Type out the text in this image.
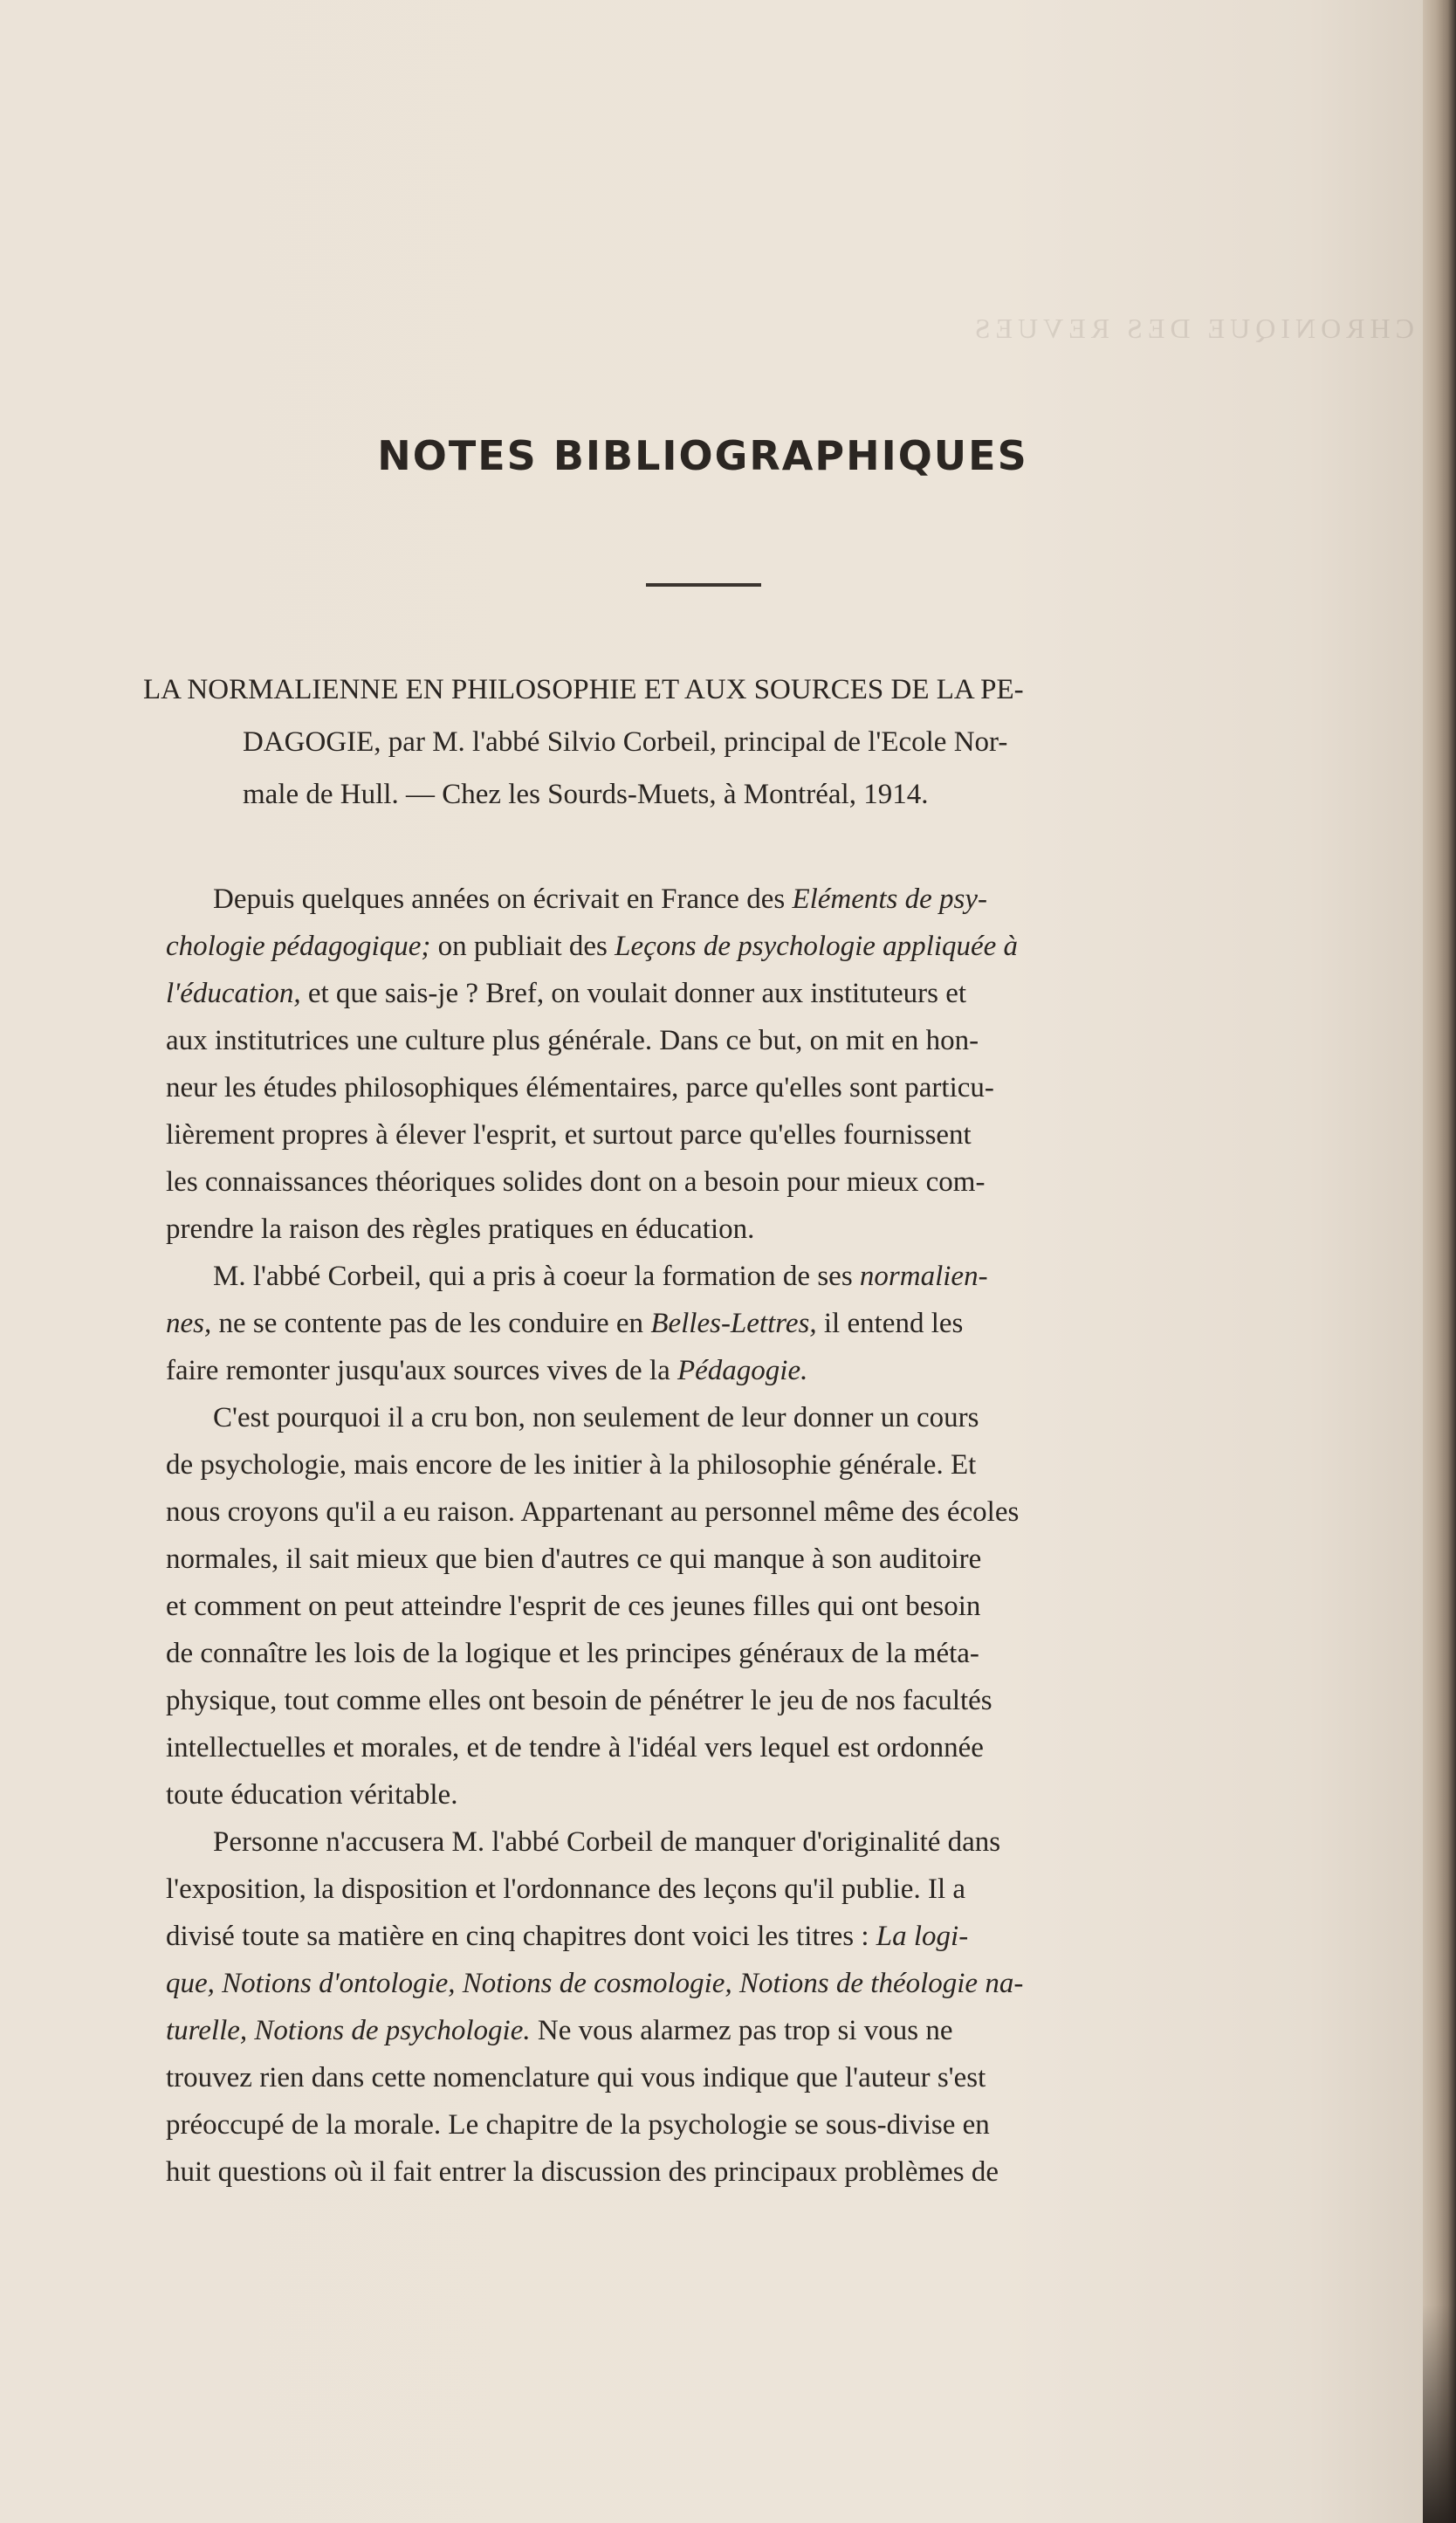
CHRONIQUE DES REVUES
NOTES BIBLIOGRAPHIQUES
LA NORMALIENNE EN PHILOSOPHIE ET AUX SOURCES DE LA PE-
DAGOGIE, par M. l'abbé Silvio Corbeil, principal de l'Ecole Nor-
male de Hull. — Chez les Sourds-Muets, à Montréal, 1914.
Depuis quelques années on écrivait en France des Eléments de psy-
chologie pédagogique; on publiait des Leçons de psychologie appliquée à
l'éducation, et que sais-je ? Bref, on voulait donner aux instituteurs et
aux institutrices une culture plus générale. Dans ce but, on mit en hon-
neur les études philosophiques élémentaires, parce qu'elles sont particu-
lièrement propres à élever l'esprit, et surtout parce qu'elles fournissent
les connaissances théoriques solides dont on a besoin pour mieux com-
prendre la raison des règles pratiques en éducation.
M. l'abbé Corbeil, qui a pris à coeur la formation de ses normalien-
nes, ne se contente pas de les conduire en Belles-Lettres, il entend les
faire remonter jusqu'aux sources vives de la Pédagogie.
C'est pourquoi il a cru bon, non seulement de leur donner un cours
de psychologie, mais encore de les initier à la philosophie générale. Et
nous croyons qu'il a eu raison. Appartenant au personnel même des écoles
normales, il sait mieux que bien d'autres ce qui manque à son auditoire
et comment on peut atteindre l'esprit de ces jeunes filles qui ont besoin
de connaître les lois de la logique et les principes généraux de la méta-
physique, tout comme elles ont besoin de pénétrer le jeu de nos facultés
intellectuelles et morales, et de tendre à l'idéal vers lequel est ordonnée
toute éducation véritable.
Personne n'accusera M. l'abbé Corbeil de manquer d'originalité dans
l'exposition, la disposition et l'ordonnance des leçons qu'il publie. Il a
divisé toute sa matière en cinq chapitres dont voici les titres : La logi-
que, Notions d'ontologie, Notions de cosmologie, Notions de théologie na-
turelle, Notions de psychologie. Ne vous alarmez pas trop si vous ne
trouvez rien dans cette nomenclature qui vous indique que l'auteur s'est
préoccupé de la morale. Le chapitre de la psychologie se sous-divise en
huit questions où il fait entrer la discussion des principaux problèmes de
